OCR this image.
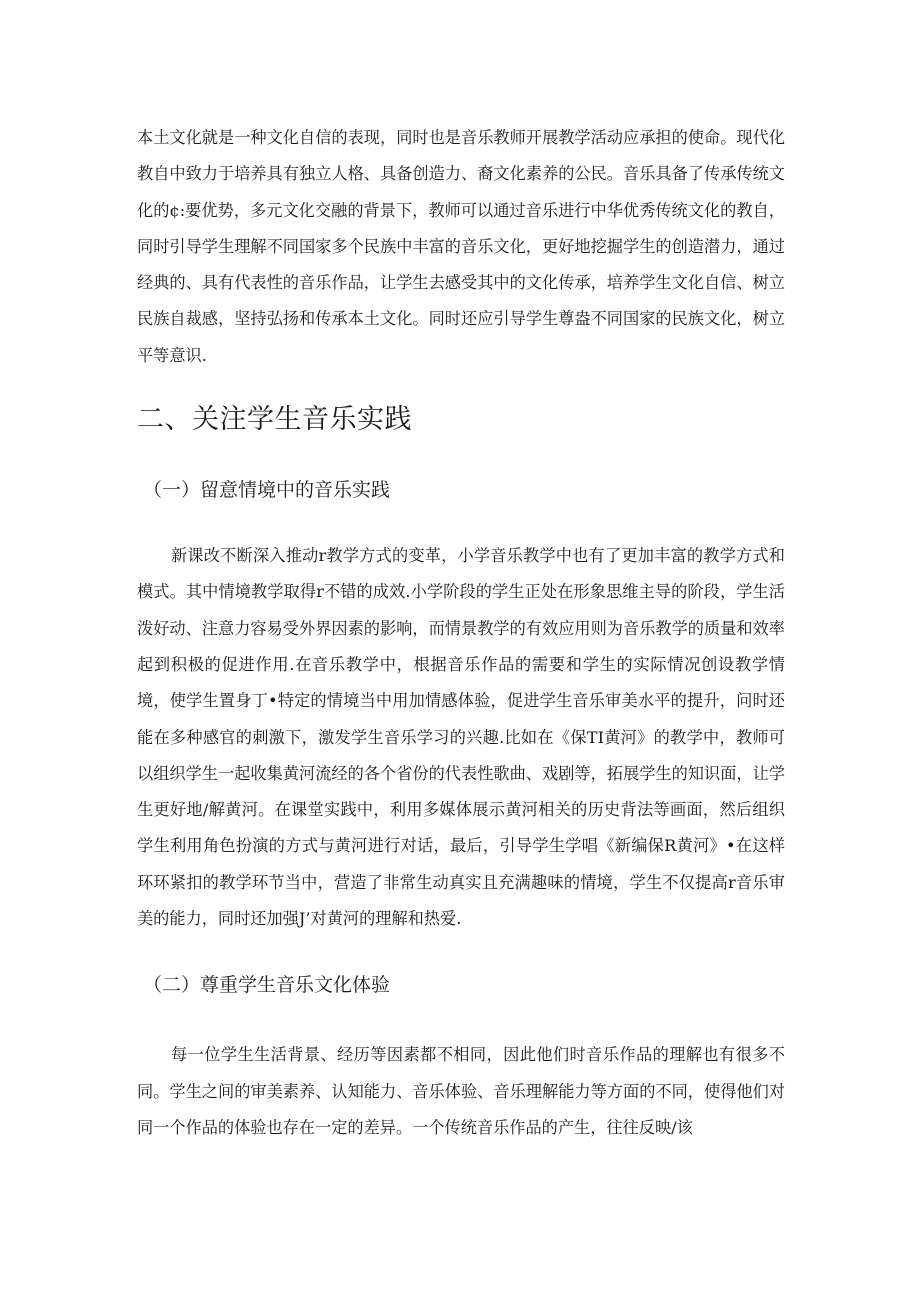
本土文化就是一种文化自信的表现，同时也是音乐教师开展教学活动应承担的使命。现代化教自中致力于培养具有独立人格、具备创造力、裔文化素养的公民。音乐具备了传承传统文化的¢:要优势，多元文化交融的背景下，教师可以通过音乐进行中华优秀传统文化的教自，同时引导学生理解不同国家多个民族中丰富的音乐文化，更好地挖掘学生的创造潜力，通过经典的、具有代表性的音乐作品，让学生去感受其中的文化传承，培养学生文化自信、树立民族自裁感，坚持弘扬和传承本土文化。同时还应引导学生尊盎不同国家的民族文化，树立平等意识.

二、关注学生音乐实践
（一）留意情境中的音乐实践

新课改不断深入推动r教学方式的变革，小学音乐教学中也有了更加丰富的教学方式和模式。其中情境教学取得r不错的成效.小学阶段的学生正处在形象思维主导的阶段，学生活泼好动、注意力容易受外界因素的影响，而情景教学的有效应用则为音乐教学的质量和效率起到积极的促进作用.在音乐教学中，根据音乐作品的需要和学生的实际情况创设教学情境，使学生置身丁•特定的情境当中用加情感体验，促进学生音乐审美水平的提升，问时还能在多种感官的刺激下，激发学生音乐学习的兴趣.比如在《保TI黄河》的教学中，教师可以组织学生一起收集黄河流经的各个省份的代表性歌曲、戏剧等，拓展学生的知识面，让学生更好地/解黄河。在课堂实践中，利用多媒体展示黄河相关的历史背法等画面，然后组织学生利用角色扮演的方式与黄河进行对话，最后，引导学生学唱《新编保R黄河》•在这样环环紧扣的教学环节当中，营造了非常生动真实且充满趣味的情境，学生不仅提高r音乐审美的能力，同时还加强J’对黄河的理解和热爱.

（二）尊重学生音乐文化体验

每一位学生生活背景、经历等因素都不相同，因此他们时音乐作品的理解也有很多不同。学生之间的审美素养、认知能力、音乐体验、音乐理解能力等方面的不同，使得他们对同一个作品的体验也存在一定的差异。一个传统音乐作品的产生，往往反映/该
